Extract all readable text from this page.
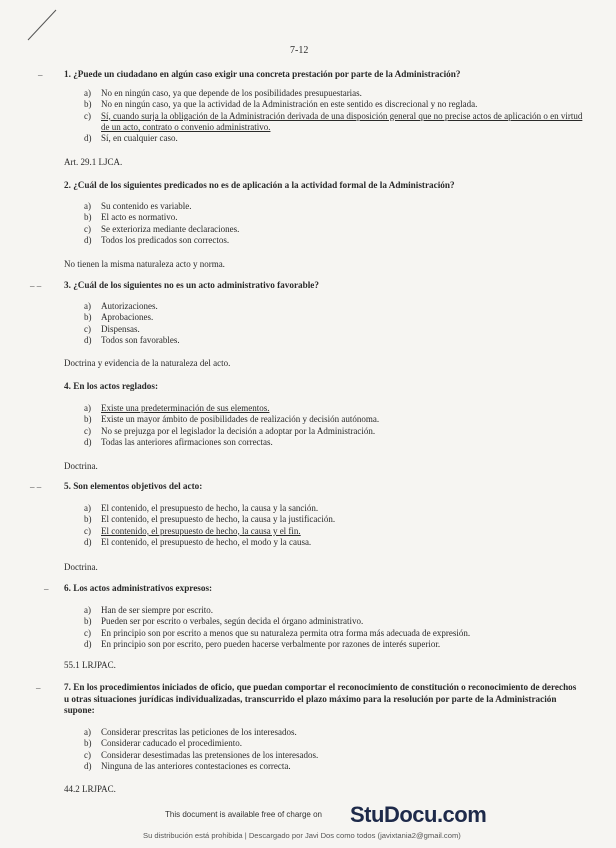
7-12
– 1. ¿Puede un ciudadano en algún caso exigir una concreta prestación por parte de la Administración?
a)	No en ningún caso, ya que depende de los posibilidades presupuestarias.
b)	No en ningún caso, ya que la actividad de la Administración en este sentido es discrecional y no reglada.
c)	Sí, cuando surja la obligación de la Administración derivada de una disposición general que no precise actos de aplicación o en virtud de un acto, contrato o convenio administrativo.
d)	Sí, en cualquier caso.
Art. 29.1 LJCA.
2. ¿Cuál de los siguientes predicados no es de aplicación a la actividad formal de la Administración?
a)	Su contenido es variable.
b)	El acto es normativo.
c)	Se exterioriza mediante declaraciones.
d)	Todos los predicados son correctos.
No tienen la misma naturaleza acto y norma.
– – 3. ¿Cuál de los siguientes no es un acto administrativo favorable?
a)	Autorizaciones.
b)	Aprobaciones.
c)	Dispensas.
d)	Todos son favorables.
Doctrina y evidencia de la naturaleza del acto.
4. En los actos reglados:
a)	Existe una predeterminación de sus elementos.
b)	Existe un mayor ámbito de posibilidades de realización y decisión autónoma.
c)	No se prejuzga por el legislador la decisión a adoptar por la Administración.
d)	Todas las anteriores afirmaciones son correctas.
Doctrina.
– – 5. Son elementos objetivos del acto:
a)	El contenido, el presupuesto de hecho, la causa y la sanción.
b)	El contenido, el presupuesto de hecho, la causa y la justificación.
c)	El contenido, el presupuesto de hecho, la causa y el fin.
d)	El contenido, el presupuesto de hecho, el modo y la causa.
Doctrina.
– 6. Los actos administrativos expresos:
a)	Han de ser siempre por escrito.
b)	Pueden ser por escrito o verbales, según decida el órgano administrativo.
c)	En principio son por escrito a menos que su naturaleza permita otra forma más adecuada de expresión.
d)	En principio son por escrito, pero pueden hacerse verbalmente por razones de interés superior.
55.1 LRJPAC.
–	7. En los procedimientos iniciados de oficio, que puedan comportar el reconocimiento de constitución o reconocimiento de derechos u otras situaciones jurídicas individualizadas, transcurrido el plazo máximo para la resolución por parte de la Administración supone:
a)	Considerar prescritas las peticiones de los interesados.
b)	Considerar caducado el procedimiento.
c)	Considerar desestimadas las pretensiones de los interesados.
d)	Ninguna de las anteriores contestaciones es correcta.
44.2 LRJPAC.
This document is available free of charge on StuDocu.com
Su distribución está prohibida | Descargado por Javi Dos como todos (javixtania2@gmail.com)
